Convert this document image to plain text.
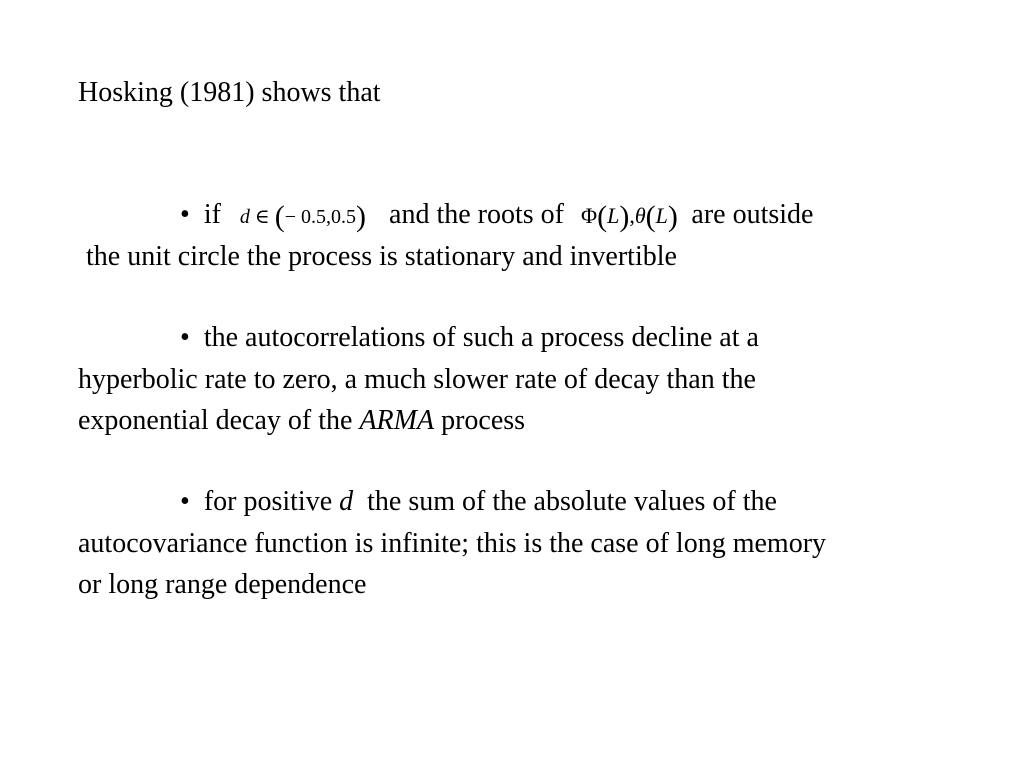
Hosking (1981) shows that
• if d ∈ (− 0.5,0.5) and the roots of Φ(L),θ(L) are outside
the unit circle the process is stationary and invertible
• the autocorrelations of such a process decline at a
hyperbolic rate to zero, a much slower rate of decay than the
exponential decay of the ARMA process
• for positive d the sum of the absolute values of the
autocovariance function is infinite; this is the case of long memory
or long range dependence
